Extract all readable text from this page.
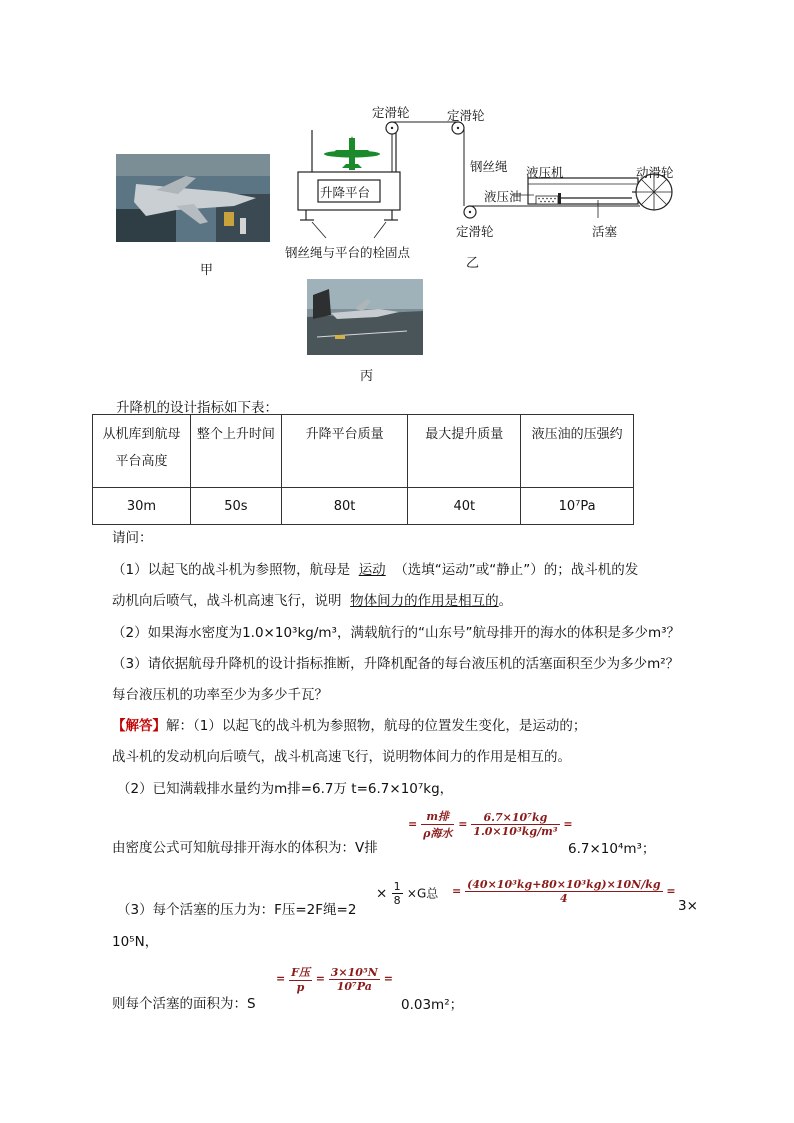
甲
定滑轮	定滑轮
钢丝绳
升降平台
液压机	动滑轮
液压油
定滑轮	活塞
钢丝绳与平台的栓固点
乙
丙
升降机的设计指标如下表：
从机库到航母平台高度	整个上升时间	升降平台质量	最大提升质量	液压油的压强约
30m	50s	80t	40t	10⁷Pa
请问：
（1）以起飞的战斗机为参照物，航母是 运动 （选填“运动”或“静止”）的；战斗机的发
动机向后喷气，战斗机高速飞行，说明 物体间力的作用是相互的。
（2）如果海水密度为1.0×10³kg/m³，满载航行的“山东号”航母排开的海水的体积是多少m³？
（3）请依据航母升降机的设计指标推断，升降机配备的每台液压机的活塞面积至少为多少m²？
每台液压机的功率至少为多少千瓦？
【解答】解：（1）以起飞的战斗机为参照物，航母的位置发生变化，是运动的；
战斗机的发动机向后喷气，战斗机高速飞行，说明物体间力的作用是相互的。
（2）已知满载排水量约为m排=6.7万 t=6.7×10⁷kg，
由密度公式可知航母排开海水的体积为：V排
= $\frac{\text{m排}}{\text{ρ海水}} = \frac{\text{6.7×10⁷kg}}{\text{1.0×10³kg/m³}}$ =
6.7×10⁴m³；
（3）每个活塞的压力为：F压=2F绳=2
× $\frac{1}{8} \times G$总 = $\frac{\text{(40×10³kg+80×10³kg)×10N/kg}}{4}$ =
3×
10⁵N，
则每个活塞的面积为：S
= $\frac{\text{F压}}{p} = \frac{\text{3×10⁵N}}{\text{10⁷Pa}}$ =
0.03m²；
